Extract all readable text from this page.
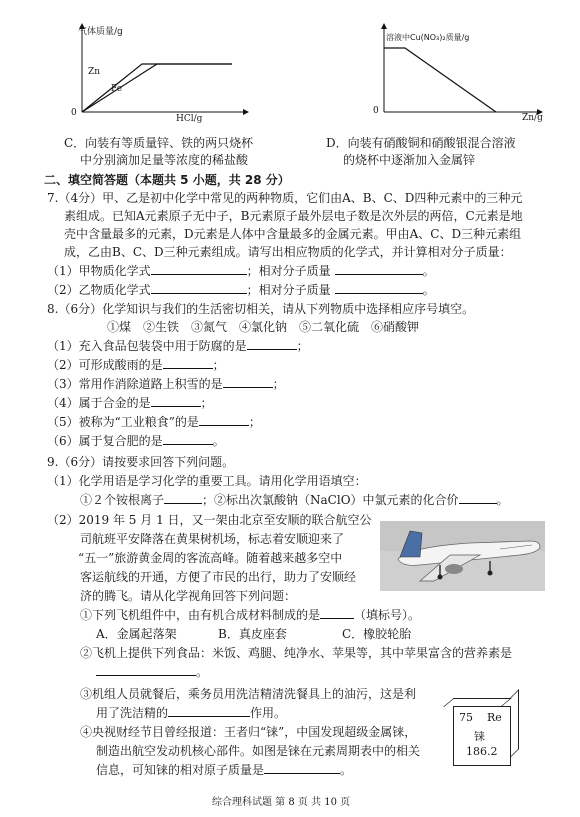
气体质量/g
HCl/g
0
Zn
Fe
溶液中Cu(NO₃)₂质量/g
Zn/g
0
C．向装有等质量锌、铁的两只烧杯
中分别滴加足量等浓度的稀盐酸
D．向装有硝酸铜和硝酸银混合溶液
的烧杯中逐渐加入金属锌
二、填空简答题（本题共 5 小题，共 28 分）
7.（4分）甲、乙是初中化学中常见的两种物质，它们由A、B、C、D四种元素中的三种元
素组成。已知A元素原子无中子，B元素原子最外层电子数是次外层的两倍，C元素是地
壳中含量最多的元素，D元素是人体中含量最多的金属元素。甲由A、C、D三种元素组
成，乙由B、C、D三种元素组成。请写出相应物质的化学式，并计算相对分子质量：
（1）甲物质化学式	；相对分子质量	。
（2）乙物质化学式	；相对分子质量	。
8.（6分）化学知识与我们的生活密切相关，请从下列物质中选择相应序号填空。
①煤　②生铁　③氮气　④氯化钠　⑤二氧化硫　⑥硝酸钾
（1）充入食品包装袋中用于防腐的是	；
（2）可形成酸雨的是	；
（3）常用作消除道路上积雪的是	；
（4）属于合金的是	；
（5）被称为“工业粮食”的是	；
（6）属于复合肥的是	。
9.（6分）请按要求回答下列问题。
（1）化学用语是学习化学的重要工具。请用化学用语填空：
①２个铵根离子	；②标出次氯酸钠（NaClO）中氯元素的化合价	。
（2）2019 年 5 月 1 日，又一架由北京至安顺的联合航空公
司航班平安降落在黄果树机场，标志着安顺迎来了
“五一”旅游黄金周的客流高峰。随着越来越多空中
客运航线的开通，方便了市民的出行，助力了安顺经
济的腾飞。请从化学视角回答下列问题：
①下列飞机组件中，由有机合成材料制成的是	（填标号）。
A．金属起落架	B．真皮座套	C．橡胶轮胎
②飞机上提供下列食品：米饭、鸡腿、纯净水、苹果等，其中苹果富含的营养素是
。
③机组人员就餐后，乘务员用洗洁精清洗餐具上的油污，这是利
用了洗洁精的	作用。
④央视财经节目曾经报道：王者归“铼”，中国发现超级金属铼，
制造出航空发动机核心部件。如图是铼在元素周期表中的相关
信息，可知铼的相对原子质量是	。
75 Re
铼
186.2
综合理科试题 第 8 页 共 10 页
